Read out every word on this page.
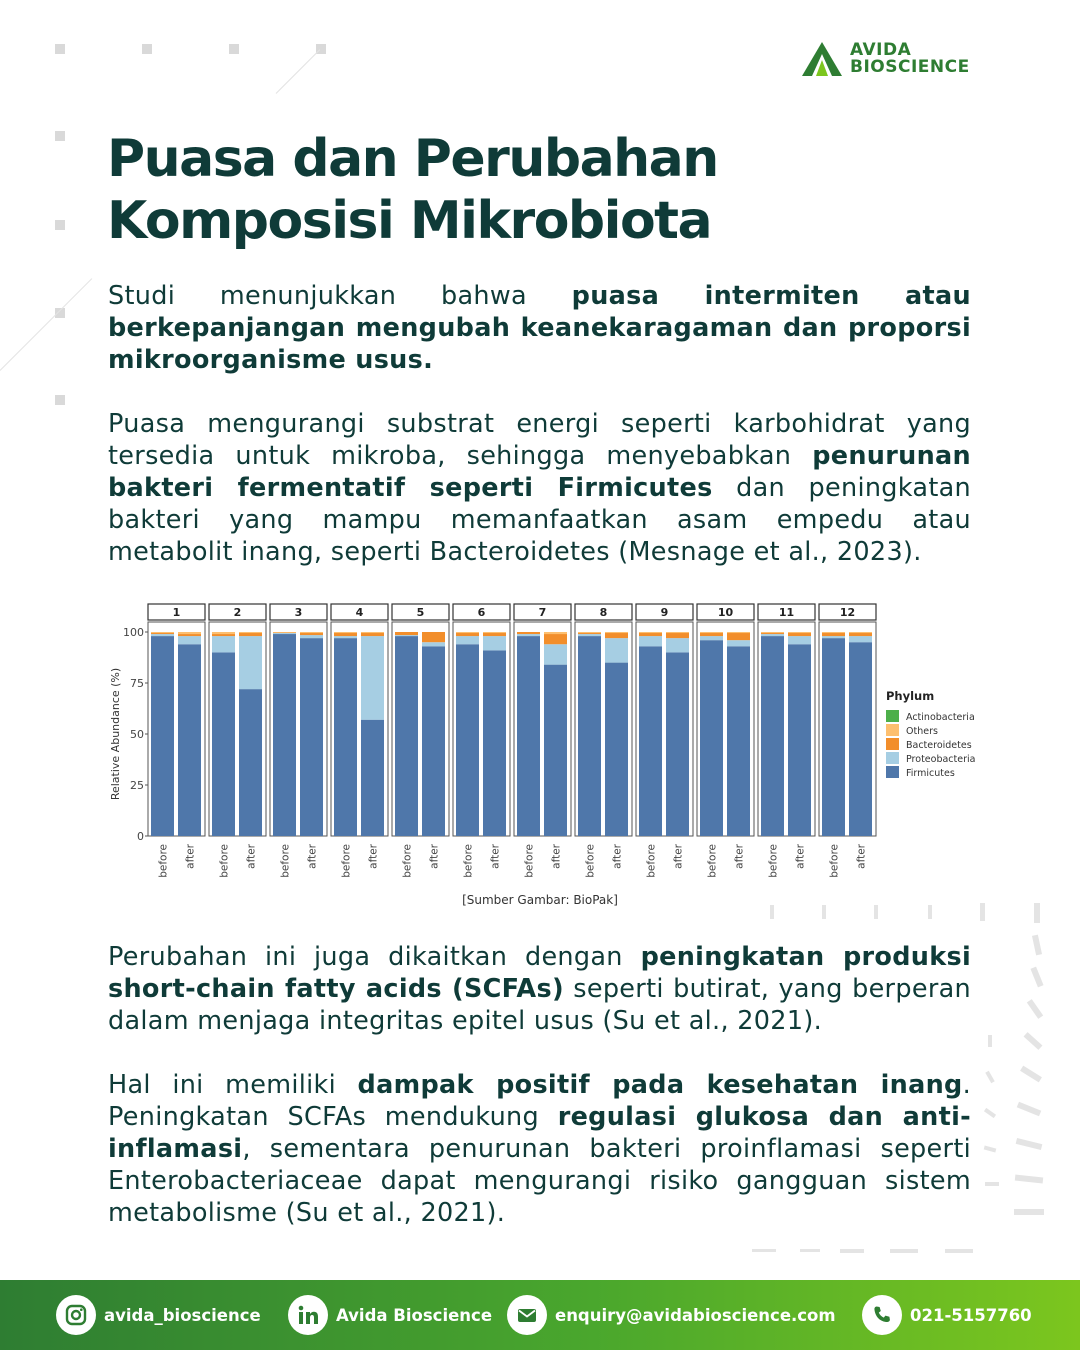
AVIDA
BIOSCIENCE
Puasa dan Perubahan
Komposisi Mikrobiota

Studi menunjukkan bahwa puasa intermiten atau berkepanjangan mengubah keanekaragaman dan proporsi mikroorganisme usus.

Puasa mengurangi substrat energi seperti karbohidrat yang tersedia untuk mikroba, sehingga menyebabkan penurunan bakteri fermentatif seperti Firmicutes dan peningkatan bakteri yang mampu memanfaatkan asam empedu atau metabolit inang, seperti Bacteroidetes (Mesnage et al., 2023).

Relative Abundance (%)
0
25
50
75
100
1
before after
2
before after
3
before after
4
before after
5
before after
6
before after
7
before after
8
before after
9
before after
10
before after
11
before after
12
before after
Phylum
Actinobacteria
Others
Bacteroidetes
Proteobacteria
Firmicutes
[Sumber Gambar: BioPak]

Perubahan ini juga dikaitkan dengan peningkatan produksi short-chain fatty acids (SCFAs) seperti butirat, yang berperan dalam menjaga integritas epitel usus (Su et al., 2021).

Hal ini memiliki dampak positif pada kesehatan inang. Peningkatan SCFAs mendukung regulasi glukosa dan anti-inflamasi, sementara penurunan bakteri proinflamasi seperti Enterobacteriaceae dapat mengurangi risiko gangguan sistem metabolisme (Su et al., 2021).

avida_bioscience	Avida Bioscience	enquiry@avidabioscience.com	021-5157760
